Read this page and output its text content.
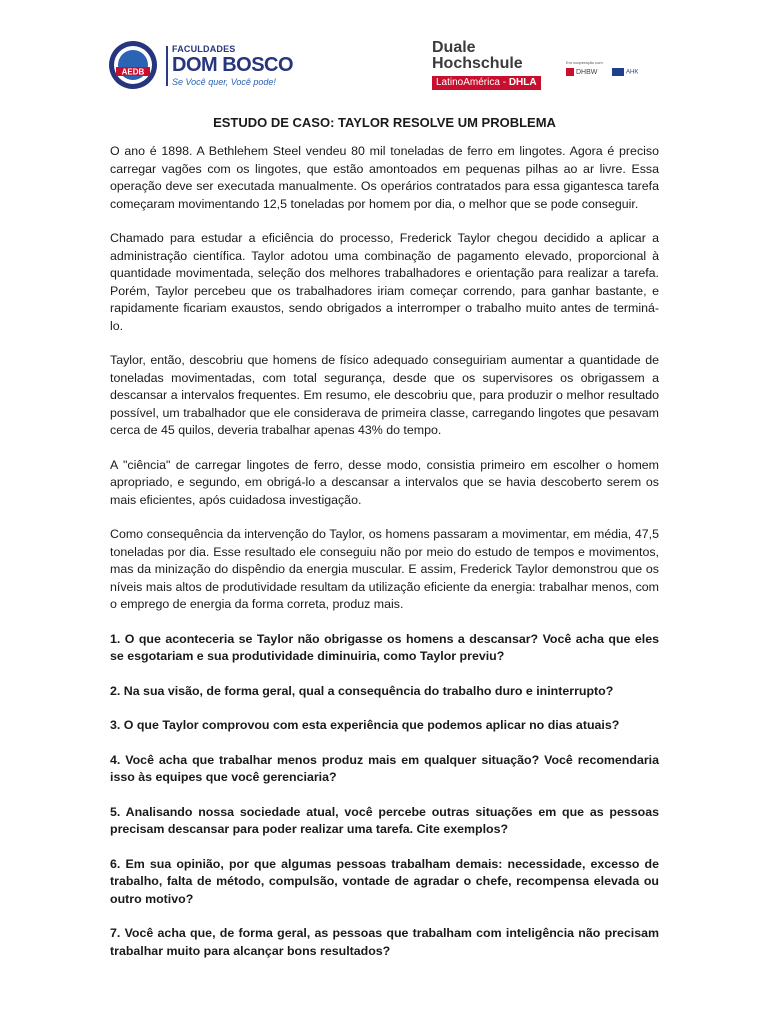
AEDB
FACULDADES
DOM BOSCO
Se Você quer, Você pode!
Duale
Hochschule
LatinoAmérica - DHLA
Em cooperação com
DHBW	AHK
ESTUDO DE CASO: TAYLOR RESOLVE UM PROBLEMA

O ano é 1898. A Bethlehem Steel vendeu 80 mil toneladas de ferro em lingotes. Agora é preciso carregar vagões com os lingotes, que estão amontoados em pequenas pilhas ao ar livre. Essa operação deve ser executada manualmente. Os operários contratados para essa gigantesca tarefa começaram movimentando 12,5 toneladas por homem por dia, o melhor que se pode conseguir.

Chamado para estudar a eficiência do processo, Frederick Taylor chegou decidido a aplicar a administração científica. Taylor adotou uma combinação de pagamento elevado, proporcional à quantidade movimentada, seleção dos melhores trabalhadores e orientação para realizar a tarefa. Porém, Taylor percebeu que os trabalhadores iriam começar correndo, para ganhar bastante, e rapidamente ficariam exaustos, sendo obrigados a interromper o trabalho muito antes de terminá-lo.

Taylor, então, descobriu que homens de físico adequado conseguiriam aumentar a quantidade de toneladas movimentadas, com total segurança, desde que os supervisores os obrigassem a descansar a intervalos frequentes. Em resumo, ele descobriu que, para produzir o melhor resultado possível, um trabalhador que ele considerava de primeira classe, carregando lingotes que pesavam cerca de 45 quilos, deveria trabalhar apenas 43% do tempo.

A "ciência" de carregar lingotes de ferro, desse modo, consistia primeiro em escolher o homem apropriado, e segundo, em obrigá-lo a descansar a intervalos que se havia descoberto serem os mais eficientes, após cuidadosa investigação.

Como consequência da intervenção do Taylor, os homens passaram a movimentar, em média, 47,5 toneladas por dia. Esse resultado ele conseguiu não por meio do estudo de tempos e movimentos, mas da minização do dispêndio da energia muscular. E assim, Frederick Taylor demonstrou que os níveis mais altos de produtividade resultam da utilização eficiente da energia: trabalhar menos, com o emprego de energia da forma correta, produz mais.

1. O que aconteceria se Taylor não obrigasse os homens a descansar? Você acha que eles se esgotariam e sua produtividade diminuiria, como Taylor previu?

2. Na sua visão, de forma geral, qual a consequência do trabalho duro e ininterrupto?

3. O que Taylor comprovou com esta experiência que podemos aplicar no dias atuais?

4. Você acha que trabalhar menos produz mais em qualquer situação? Você recomendaria isso às equipes que você gerenciaria?

5. Analisando nossa sociedade atual, você percebe outras situações em que as pessoas precisam descansar para poder realizar uma tarefa. Cite exemplos?

6. Em sua opinião, por que algumas pessoas trabalham demais: necessidade, excesso de trabalho, falta de método, compulsão, vontade de agradar o chefe, recompensa elevada ou outro motivo?

7. Você acha que, de forma geral, as pessoas que trabalham com inteligência não precisam trabalhar muito para alcançar bons resultados?
